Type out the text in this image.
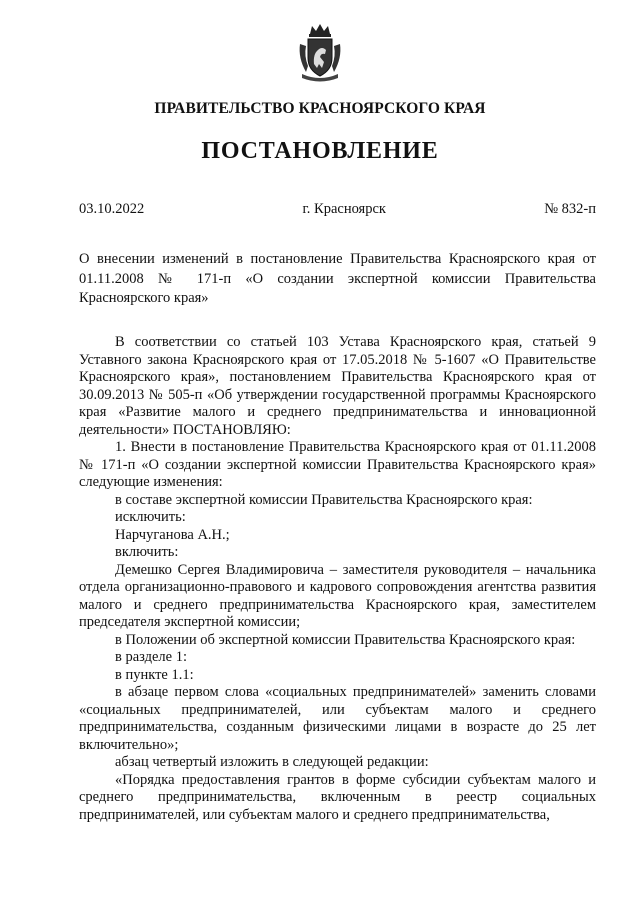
ПРАВИТЕЛЬСТВО КРАСНОЯРСКОГО КРАЯ
ПОСТАНОВЛЕНИЕ
03.10.2022	г. Красноярск	№ 832-п
О внесении изменений в постановление Правительства Красноярского края от 01.11.2008 № 171-п «О создании экспертной комиссии Правительства Красноярского края»

В соответствии со статьей 103 Устава Красноярского края, статьей 9 Уставного закона Красноярского края от 17.05.2018 № 5-1607 «О Правительстве Красноярского края», постановлением Правительства Красноярского края от 30.09.2013 № 505-п «Об утверждении государственной программы Красноярского края «Развитие малого и среднего предпринимательства и инновационной деятельности» ПОСТАНОВЛЯЮ:

1. Внести в постановление Правительства Красноярского края от 01.11.2008 № 171-п «О создании экспертной комиссии Правительства Красноярского края» следующие изменения:

в составе экспертной комиссии Правительства Красноярского края:

исключить:

Нарчуганова А.Н.;

включить:

Демешко Сергея Владимировича – заместителя руководителя – начальника отдела организационно-правового и кадрового сопровождения агентства развития малого и среднего предпринимательства Красноярского края, заместителем председателя экспертной комиссии;

в Положении об экспертной комиссии Правительства Красноярского края:

в разделе 1:

в пункте 1.1:

в абзаце первом слова «социальных предпринимателей» заменить словами «социальных предпринимателей, или субъектам малого и среднего предпринимательства, созданным физическими лицами в возрасте до 25 лет включительно»;

абзац четвертый изложить в следующей редакции:

«Порядка предоставления грантов в форме субсидии субъектам малого и среднего предпринимательства, включенным в реестр социальных предпринимателей, или субъектам малого и среднего предпринимательства,
